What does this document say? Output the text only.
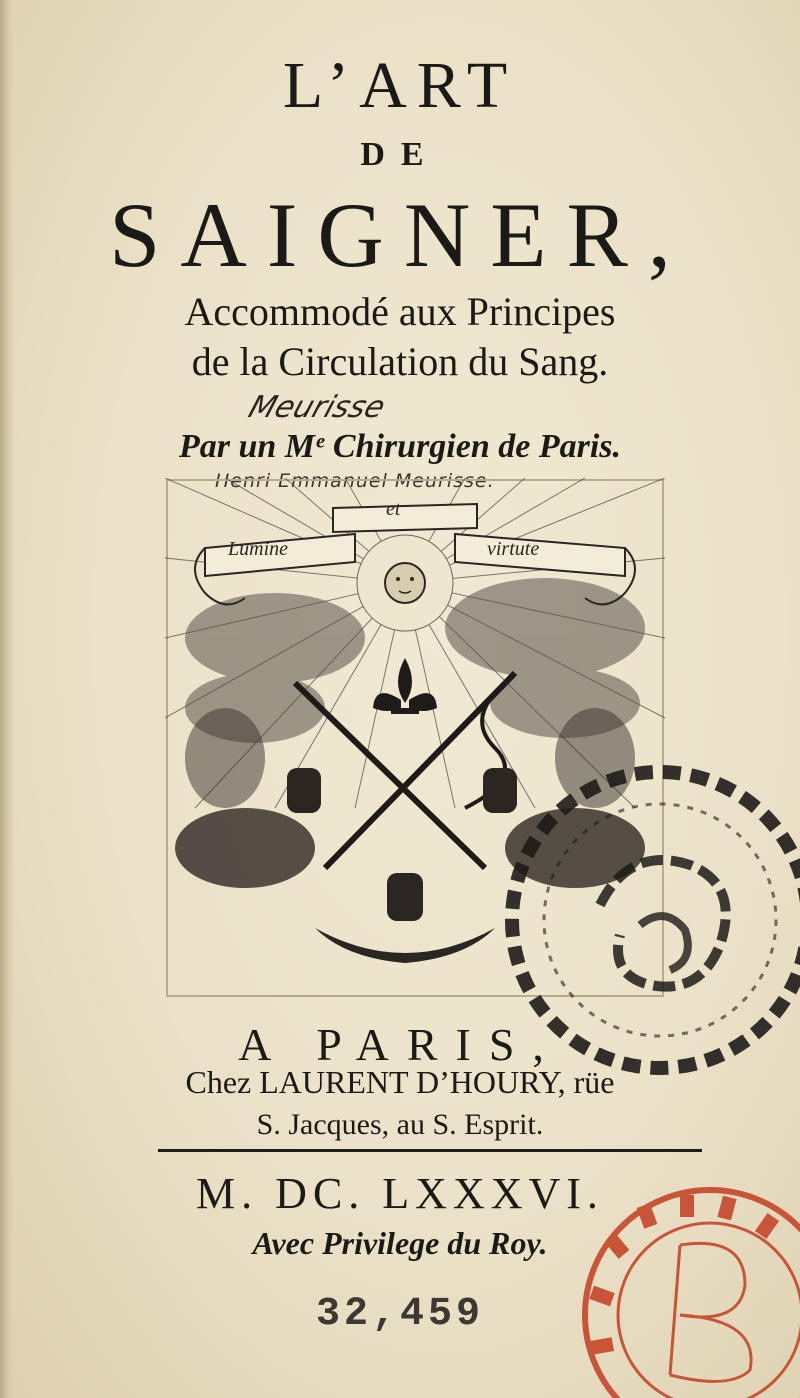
L’ART
DE
SAIGNER,
Accommodé aux Principes
de la Circulation du Sang.
Meurisse
Par un Mᵉ Chirurgien de Paris.
Henri Emmanuel Meurisse.
et
Lumine	virtute
A PARIS,
Chez LAURENT D’HOURY, rüe
S. Jacques, au S. Esprit.
M. DC. LXXXVI.
Avec Privilege du Roy.
32,459
